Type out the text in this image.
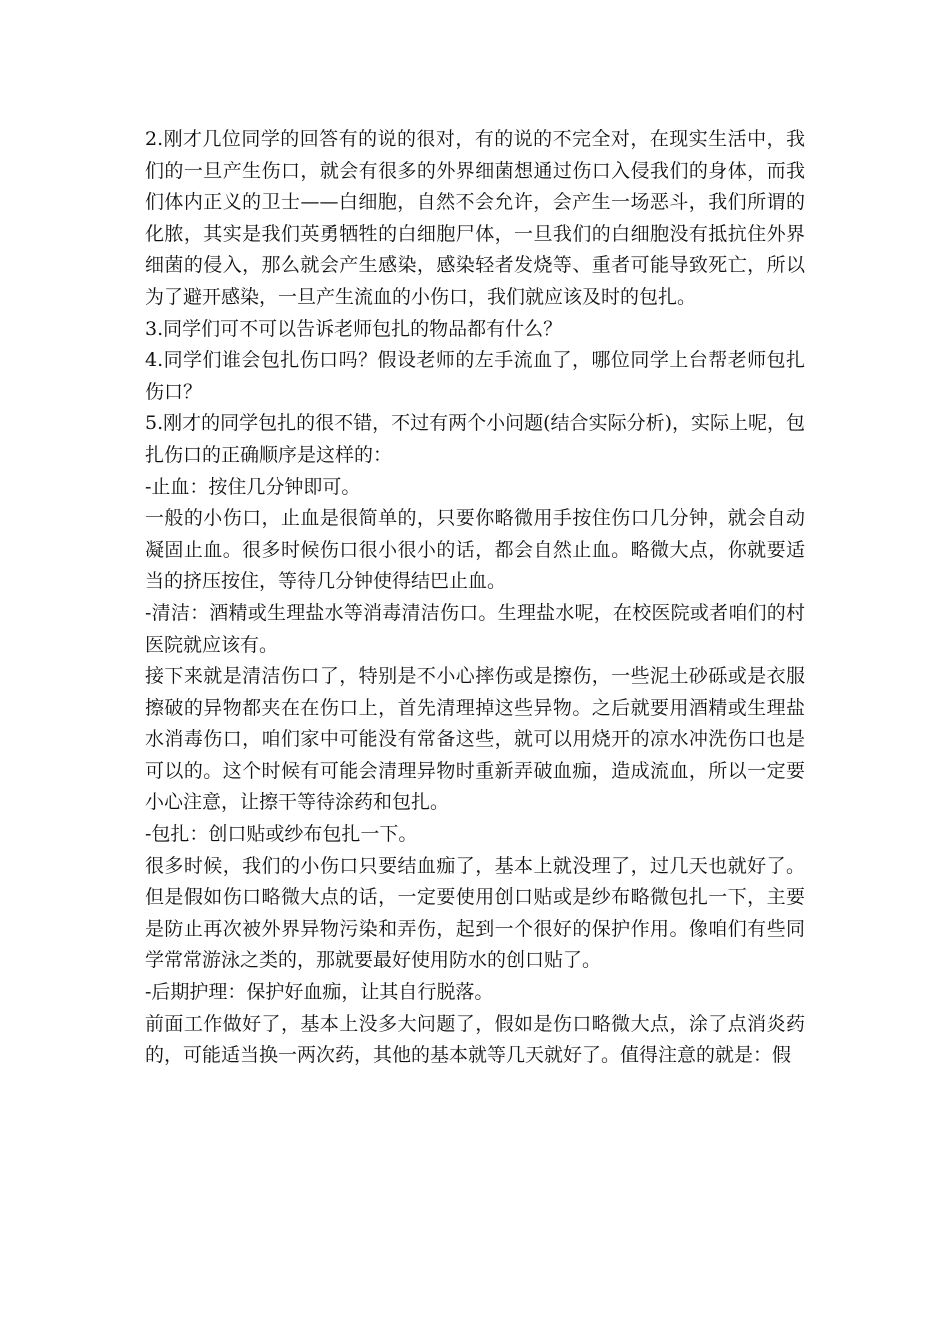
2.刚才几位同学的回答有的说的很对，有的说的不完全对，在现实生活中，我们的一旦产生伤口，就会有很多的外界细菌想通过伤口入侵我们的身体，而我们体内正义的卫士——白细胞，自然不会允许，会产生一场恶斗，我们所谓的化脓，其实是我们英勇牺牲的白细胞尸体，一旦我们的白细胞没有抵抗住外界细菌的侵入，那么就会产生感染，感染轻者发烧等、重者可能导致死亡，所以为了避开感染，一旦产生流血的小伤口，我们就应该及时的包扎。

3.同学们可不可以告诉老师包扎的物品都有什么？

4.同学们谁会包扎伤口吗？假设老师的左手流血了，哪位同学上台帮老师包扎伤口？

5.刚才的同学包扎的很不错，不过有两个小问题(结合实际分析)，实际上呢，包扎伤口的正确顺序是这样的：

-止血：按住几分钟即可。

一般的小伤口，止血是很简单的，只要你略微用手按住伤口几分钟，就会自动凝固止血。很多时候伤口很小很小的话，都会自然止血。略微大点，你就要适当的挤压按住，等待几分钟使得结巴止血。

-清洁：酒精或生理盐水等消毒清洁伤口。生理盐水呢，在校医院或者咱们的村医院就应该有。

接下来就是清洁伤口了，特别是不小心摔伤或是擦伤，一些泥土砂砾或是衣服擦破的异物都夹在在伤口上，首先清理掉这些异物。之后就要用酒精或生理盐水消毒伤口，咱们家中可能没有常备这些，就可以用烧开的凉水冲洗伤口也是可以的。这个时候有可能会清理异物时重新弄破血痂，造成流血，所以一定要小心注意，让擦干等待涂药和包扎。

-包扎：创口贴或纱布包扎一下。

很多时候，我们的小伤口只要结血痂了，基本上就没理了，过几天也就好了。但是假如伤口略微大点的话，一定要使用创口贴或是纱布略微包扎一下，主要是防止再次被外界异物污染和弄伤，起到一个很好的保护作用。像咱们有些同学常常游泳之类的，那就要最好使用防水的创口贴了。

-后期护理：保护好血痂，让其自行脱落。

前面工作做好了，基本上没多大问题了，假如是伤口略微大点，涂了点消炎药的，可能适当换一两次药，其他的基本就等几天就好了。值得注意的就是：假
